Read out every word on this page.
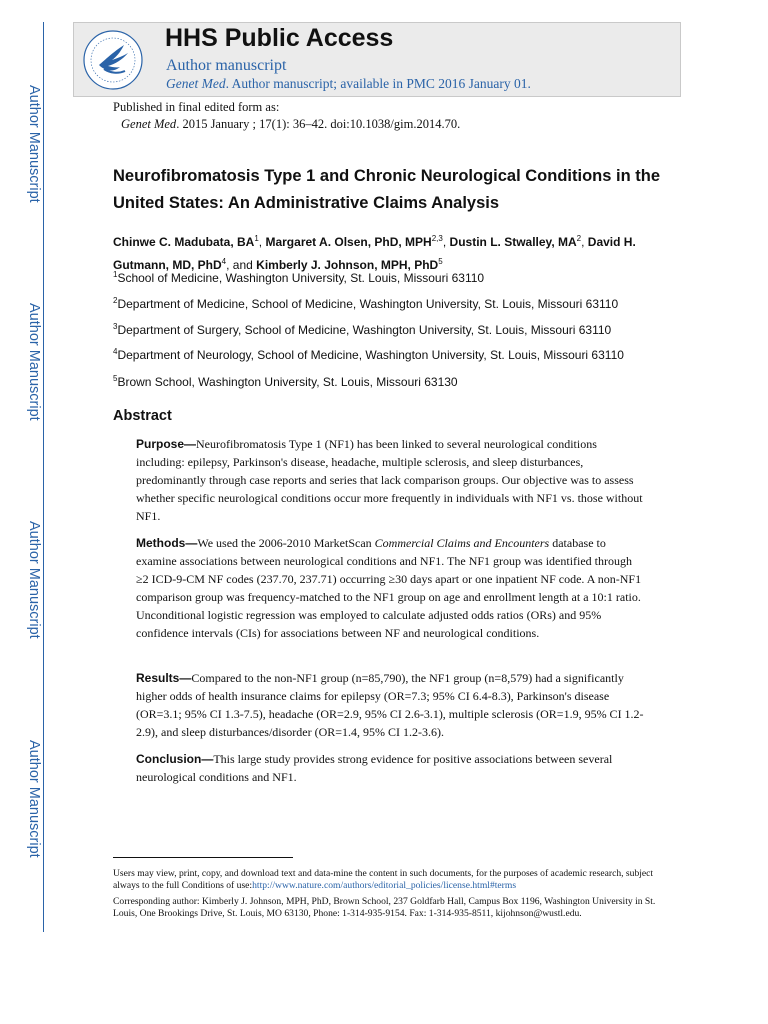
Author Manuscript
Author Manuscript
Author Manuscript
Author Manuscript
HHS Public Access
Author manuscript
Genet Med. Author manuscript; available in PMC 2016 January 01.
Published in final edited form as:
Genet Med. 2015 January ; 17(1): 36–42. doi:10.1038/gim.2014.70.
Neurofibromatosis Type 1 and Chronic Neurological Conditions in the United States: An Administrative Claims Analysis
Chinwe C. Madubata, $BA^1$, Margaret A. Olsen, PhD, MPH$^{2,3}$, Dustin L. Stwalley, $MA^2$, David H. Gutmann, MD, PhD$^4$, and Kimberly J. Johnson, MPH, PhD$^5$
$^1$School of Medicine, Washington University, St. Louis, Missouri 63110
$^2$Department of Medicine, School of Medicine, Washington University, St. Louis, Missouri 63110
$^3$Department of Surgery, School of Medicine, Washington University, St. Louis, Missouri 63110
$^4$Department of Neurology, School of Medicine, Washington University, St. Louis, Missouri 63110
$^5$Brown School, Washington University, St. Louis, Missouri 63130
Abstract
Purpose—Neurofibromatosis Type 1 (NF1) has been linked to several neurological conditions including: epilepsy, Parkinson's disease, headache, multiple sclerosis, and sleep disturbances, predominantly through case reports and series that lack comparison groups. Our objective was to assess whether specific neurological conditions occur more frequently in individuals with NF1 vs. those without NF1.
Methods—We used the 2006-2010 MarketScan Commercial Claims and Encounters database to examine associations between neurological conditions and NF1. The NF1 group was identified through ≥2 ICD-9-CM NF codes (237.70, 237.71) occurring ≥30 days apart or one inpatient NF code. A non-NF1 comparison group was frequency-matched to the NF1 group on age and enrollment length at a 10:1 ratio. Unconditional logistic regression was employed to calculate adjusted odds ratios (ORs) and 95% confidence intervals (CIs) for associations between NF and neurological conditions.
Results—Compared to the non-NF1 group (n=85,790), the NF1 group (n=8,579) had a significantly higher odds of health insurance claims for epilepsy (OR=7.3; 95% CI 6.4-8.3), Parkinson's disease (OR=3.1; 95% CI 1.3-7.5), headache (OR=2.9, 95% CI 2.6-3.1), multiple sclerosis (OR=1.9, 95% CI 1.2-2.9), and sleep disturbances/disorder (OR=1.4, 95% CI 1.2-3.6).
Conclusion—This large study provides strong evidence for positive associations between several neurological conditions and NF1.
Users may view, print, copy, and download text and data-mine the content in such documents, for the purposes of academic research, subject always to the full Conditions of use:http://www.nature.com/authors/editorial_policies/license.html#terms
Corresponding author: Kimberly J. Johnson, MPH, PhD, Brown School, 237 Goldfarb Hall, Campus Box 1196, Washington University in St. Louis, One Brookings Drive, St. Louis, MO 63130, Phone: 1-314-935-9154. Fax: 1-314-935-8511, kijohnson@wustl.edu.
